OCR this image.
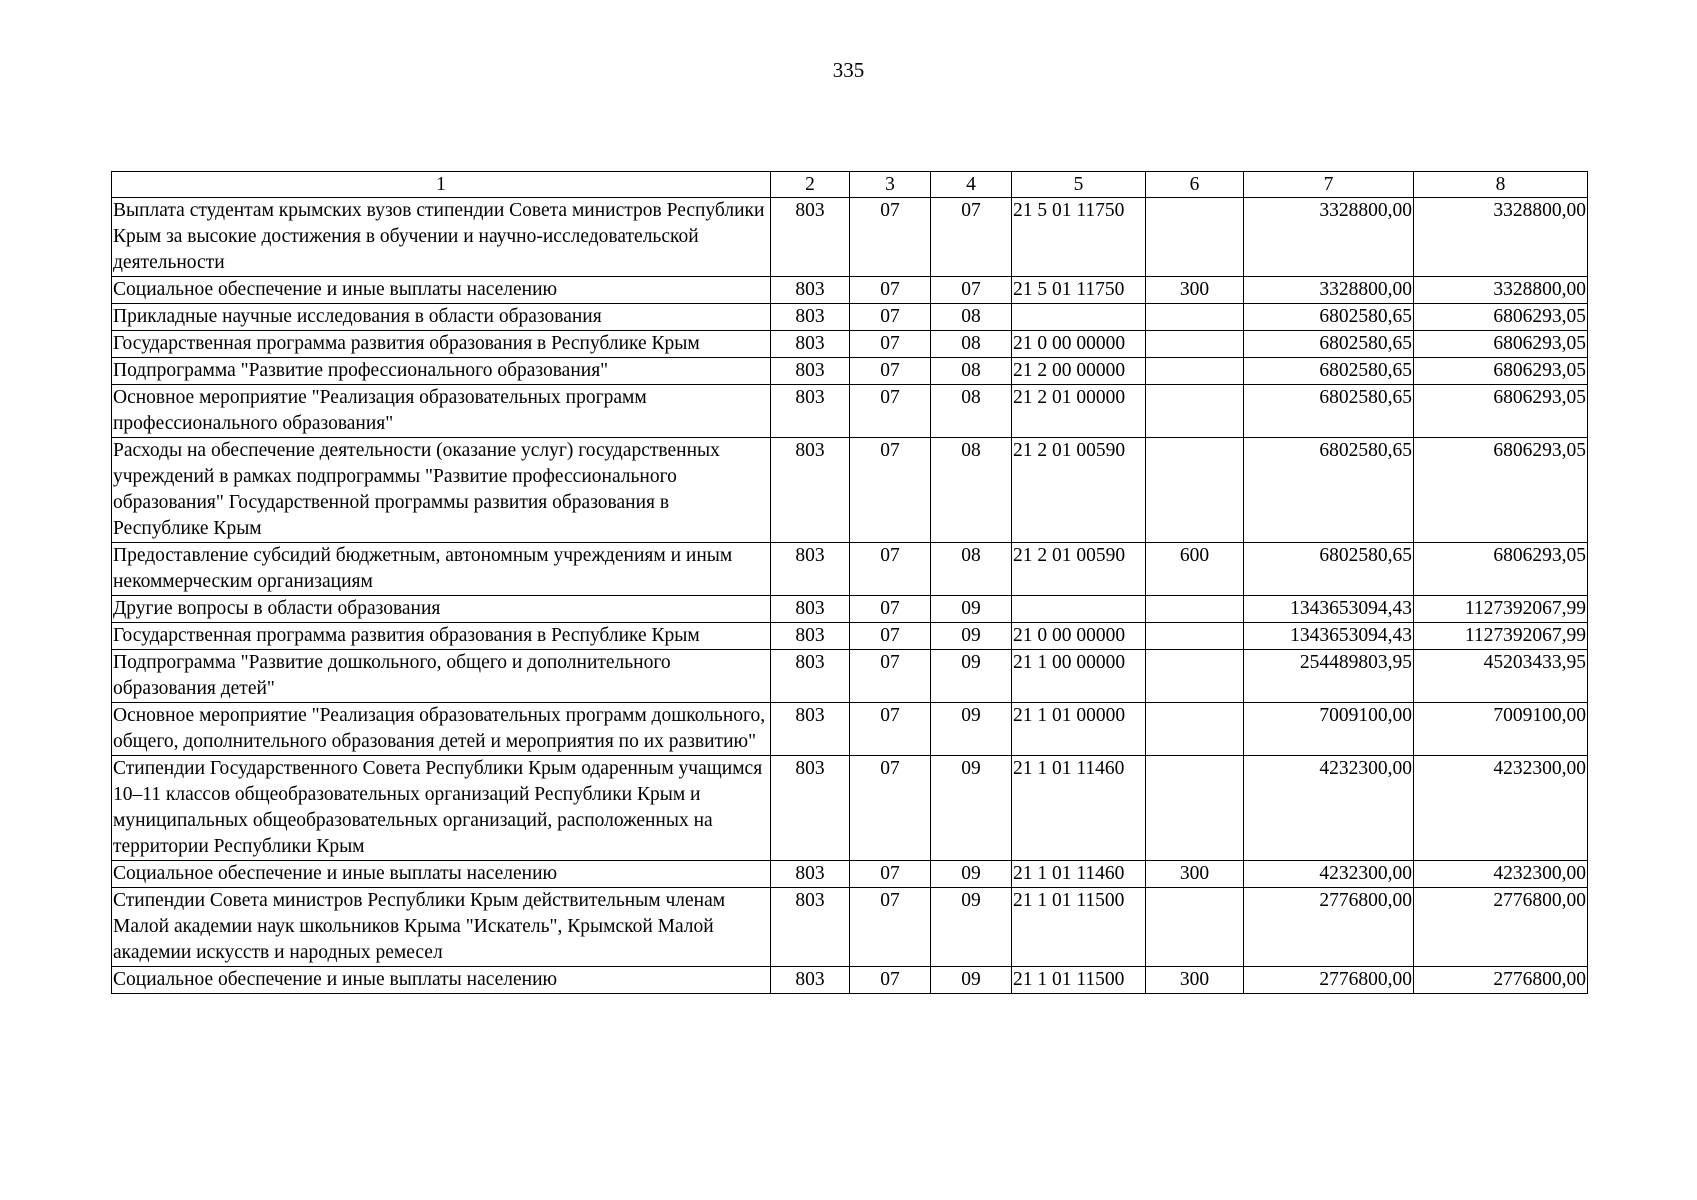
335
1	2	3	4	5	6	7	8
Выплата студентам крымских вузов стипендии Совета министров Республики Крым за высокие достижения в обучении и научно-исследовательской деятельности	803	07	07	21 5 01 11750		3328800,00	3328800,00
Социальное обеспечение и иные выплаты населению	803	07	07	21 5 01 11750	300	3328800,00	3328800,00
Прикладные научные исследования в области образования	803	07	08			6802580,65	6806293,05
Государственная программа развития образования в Республике Крым	803	07	08	21 0 00 00000		6802580,65	6806293,05
Подпрограмма "Развитие профессионального образования"	803	07	08	21 2 00 00000		6802580,65	6806293,05
Основное мероприятие "Реализация образовательных программ профессионального образования"	803	07	08	21 2 01 00000		6802580,65	6806293,05
Расходы на обеспечение деятельности (оказание услуг) государственных учреждений в рамках подпрограммы "Развитие профессионального образования" Государственной программы развития образования в Республике Крым	803	07	08	21 2 01 00590		6802580,65	6806293,05
Предоставление субсидий бюджетным, автономным учреждениям и иным некоммерческим организациям	803	07	08	21 2 01 00590	600	6802580,65	6806293,05
Другие вопросы в области образования	803	07	09			1343653094,43	1127392067,99
Государственная программа развития образования в Республике Крым	803	07	09	21 0 00 00000		1343653094,43	1127392067,99
Подпрограмма "Развитие дошкольного, общего и дополнительного образования детей"	803	07	09	21 1 00 00000		254489803,95	45203433,95
Основное мероприятие "Реализация образовательных программ дошкольного, общего, дополнительного образования детей и мероприятия по их развитию"	803	07	09	21 1 01 00000		7009100,00	7009100,00
Стипендии Государственного Совета Республики Крым одаренным учащимся 10–11 классов общеобразовательных организаций Республики Крым и муниципальных общеобразовательных организаций, расположенных на территории Республики Крым	803	07	09	21 1 01 11460		4232300,00	4232300,00
Социальное обеспечение и иные выплаты населению	803	07	09	21 1 01 11460	300	4232300,00	4232300,00
Стипендии Совета министров Республики Крым действительным членам Малой академии наук школьников Крыма "Искатель", Крымской Малой академии искусств и народных ремесел	803	07	09	21 1 01 11500		2776800,00	2776800,00
Социальное обеспечение и иные выплаты населению	803	07	09	21 1 01 11500	300	2776800,00	2776800,00
